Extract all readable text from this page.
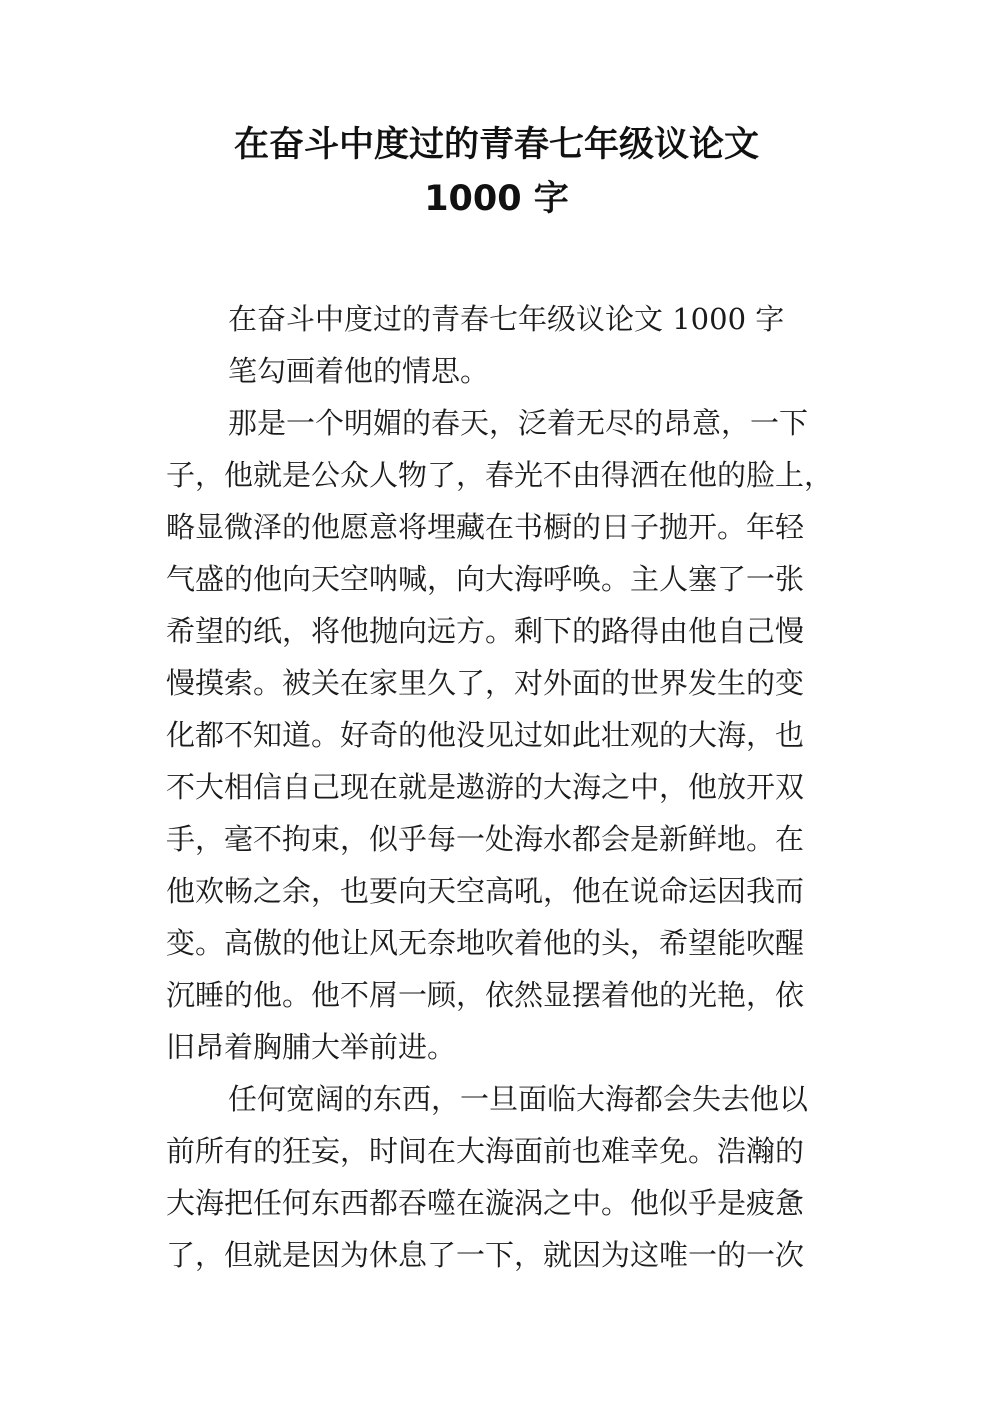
在奋斗中度过的青春七年级议论文
1000 字
在奋斗中度过的青春七年级议论文 1000 字
笔勾画着他的情思。
那是一个明媚的春天，泛着无尽的昂意，一下
子，他就是公众人物了，春光不由得洒在他的脸上，
略显微泽的他愿意将埋藏在书橱的日子抛开。年轻
气盛的他向天空呐喊，向大海呼唤。主人塞了一张
希望的纸，将他抛向远方。剩下的路得由他自己慢
慢摸索。被关在家里久了，对外面的世界发生的变
化都不知道。好奇的他没见过如此壮观的大海，也
不大相信自己现在就是遨游的大海之中，他放开双
手，毫不拘束，似乎每一处海水都会是新鲜地。在
他欢畅之余，也要向天空高吼，他在说命运因我而
变。高傲的他让风无奈地吹着他的头，希望能吹醒
沉睡的他。他不屑一顾，依然显摆着他的光艳，依
旧昂着胸脯大举前进。
任何宽阔的东西，一旦面临大海都会失去他以
前所有的狂妄，时间在大海面前也难幸免。浩瀚的
大海把任何东西都吞噬在漩涡之中。他似乎是疲惫
了，但就是因为休息了一下，就因为这唯一的一次
